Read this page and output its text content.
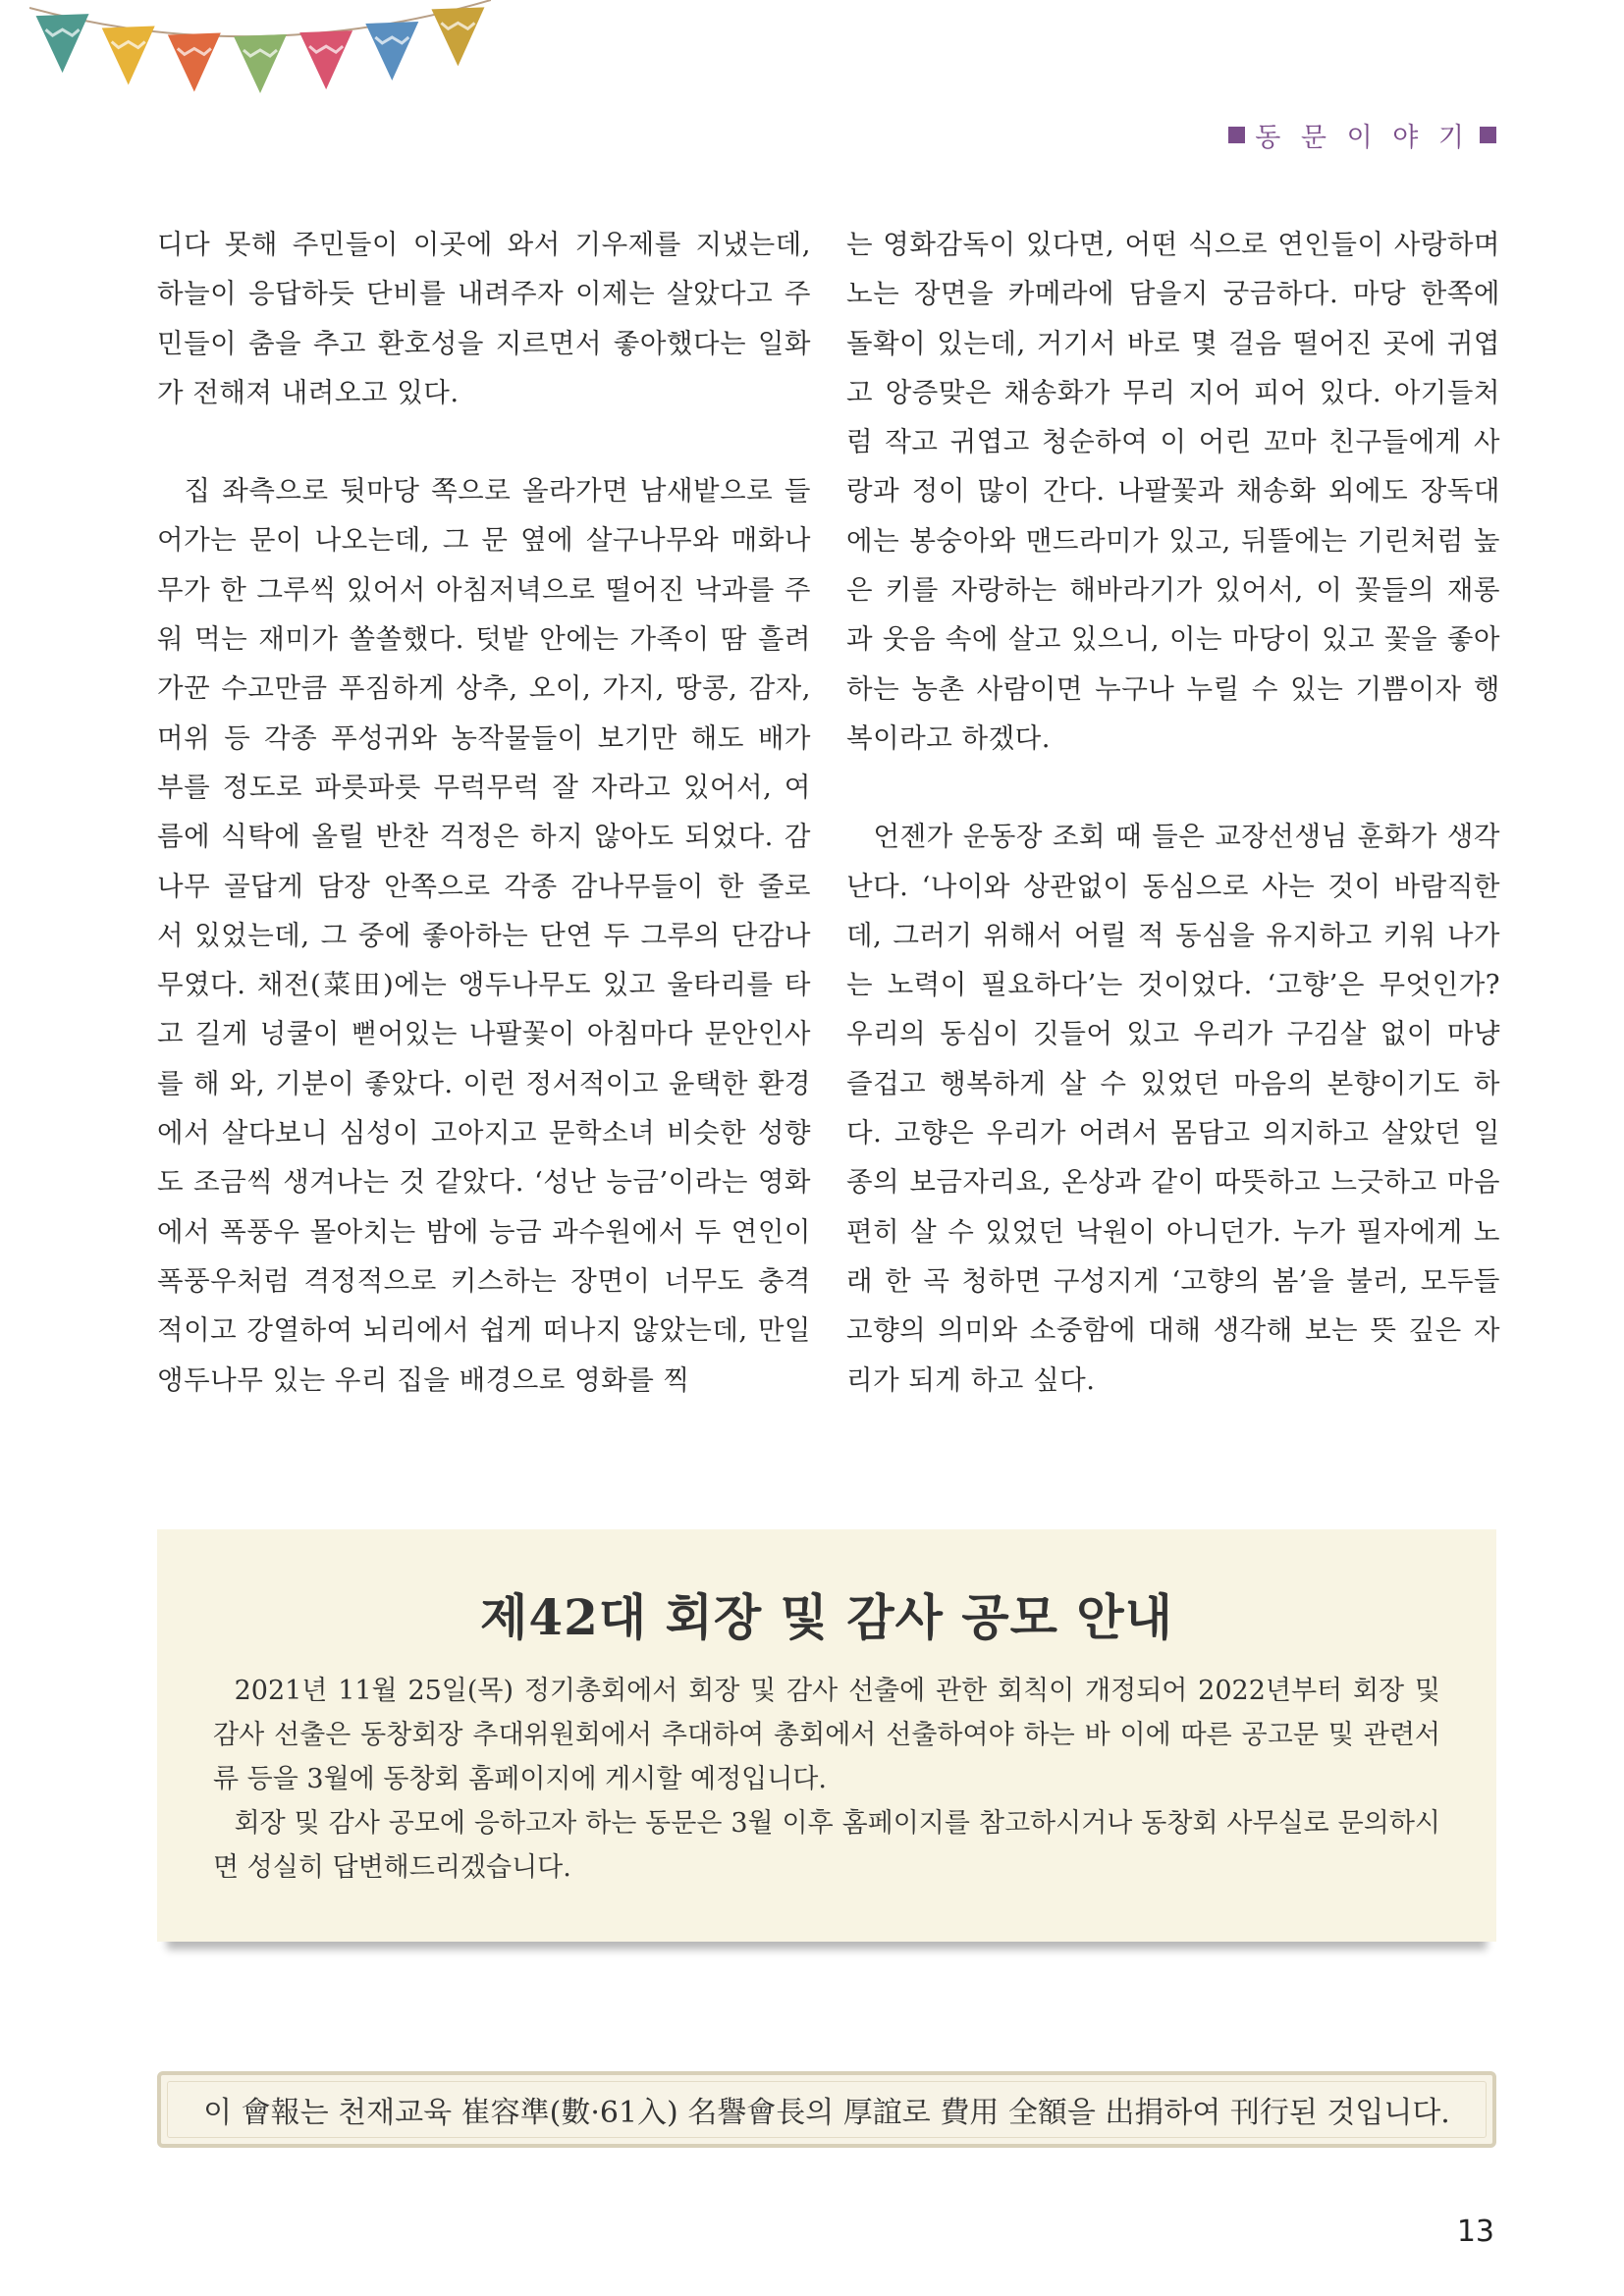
동 문 이 야 기

디다 못해 주민들이 이곳에 와서 기우제를 지냈는데, 하늘이 응답하듯 단비를 내려주자 이제는 살았다고 주민들이 춤을 추고 환호성을 지르면서 좋아했다는 일화가 전해져 내려오고 있다.

집 좌측으로 뒷마당 쪽으로 올라가면 남새밭으로 들어가는 문이 나오는데, 그 문 옆에 살구나무와 매화나무가 한 그루씩 있어서 아침저녁으로 떨어진 낙과를 주워 먹는 재미가 쏠쏠했다. 텃밭 안에는 가족이 땀 흘려 가꾼 수고만큼 푸짐하게 상추, 오이, 가지, 땅콩, 감자, 머위 등 각종 푸성귀와 농작물들이 보기만 해도 배가 부를 정도로 파릇파릇 무럭무럭 잘 자라고 있어서, 여름에 식탁에 올릴 반찬 걱정은 하지 않아도 되었다. 감나무 골답게 담장 안쪽으로 각종 감나무들이 한 줄로 서 있었는데, 그 중에 좋아하는 단연 두 그루의 단감나무였다. 채전(菜田)에는 앵두나무도 있고 울타리를 타고 길게 넝쿨이 뻗어있는 나팔꽃이 아침마다 문안인사를 해 와, 기분이 좋았다. 이런 정서적이고 윤택한 환경에서 살다보니 심성이 고아지고 문학소녀 비슷한 성향도 조금씩 생겨나는 것 같았다. ‘성난 능금’이라는 영화에서 폭풍우 몰아치는 밤에 능금 과수원에서 두 연인이 폭풍우처럼 격정적으로 키스하는 장면이 너무도 충격적이고 강열하여 뇌리에서 쉽게 떠나지 않았는데, 만일 앵두나무 있는 우리 집을 배경으로 영화를 찍

는 영화감독이 있다면, 어떤 식으로 연인들이 사랑하며 노는 장면을 카메라에 담을지 궁금하다. 마당 한쪽에 돌확이 있는데, 거기서 바로 몇 걸음 떨어진 곳에 귀엽고 앙증맞은 채송화가 무리 지어 피어 있다. 아기들처럼 작고 귀엽고 청순하여 이 어린 꼬마 친구들에게 사랑과 정이 많이 간다. 나팔꽃과 채송화 외에도 장독대에는 봉숭아와 맨드라미가 있고, 뒤뜰에는 기린처럼 높은 키를 자랑하는 해바라기가 있어서, 이 꽃들의 재롱과 웃음 속에 살고 있으니, 이는 마당이 있고 꽃을 좋아하는 농촌 사람이면 누구나 누릴 수 있는 기쁨이자 행복이라고 하겠다.

언젠가 운동장 조회 때 들은 교장선생님 훈화가 생각난다. ‘나이와 상관없이 동심으로 사는 것이 바람직한데, 그러기 위해서 어릴 적 동심을 유지하고 키워 나가는 노력이 필요하다’는 것이었다. ‘고향’은 무엇인가? 우리의 동심이 깃들어 있고 우리가 구김살 없이 마냥 즐겁고 행복하게 살 수 있었던 마음의 본향이기도 하다. 고향은 우리가 어려서 몸담고 의지하고 살았던 일종의 보금자리요, 온상과 같이 따뜻하고 느긋하고 마음 편히 살 수 있었던 낙원이 아니던가. 누가 필자에게 노래 한 곡 청하면 구성지게 ‘고향의 봄’을 불러, 모두들 고향의 의미와 소중함에 대해 생각해 보는 뜻 깊은 자리가 되게 하고 싶다.

제42대 회장 및 감사 공모 안내

2021년 11월 25일(목) 정기총회에서 회장 및 감사 선출에 관한 회칙이 개정되어 2022년부터 회장 및 감사 선출은 동창회장 추대위원회에서 추대하여 총회에서 선출하여야 하는 바 이에 따른 공고문 및 관련서류 등을 3월에 동창회 홈페이지에 게시할 예정입니다.

회장 및 감사 공모에 응하고자 하는 동문은 3월 이후 홈페이지를 참고하시거나 동창회 사무실로 문의하시면 성실히 답변해드리겠습니다.

이 會報는 천재교육 崔容準(數·61入) 名譽會長의 厚誼로 費用 全額을 出捐하여 刊行된 것입니다.
13
